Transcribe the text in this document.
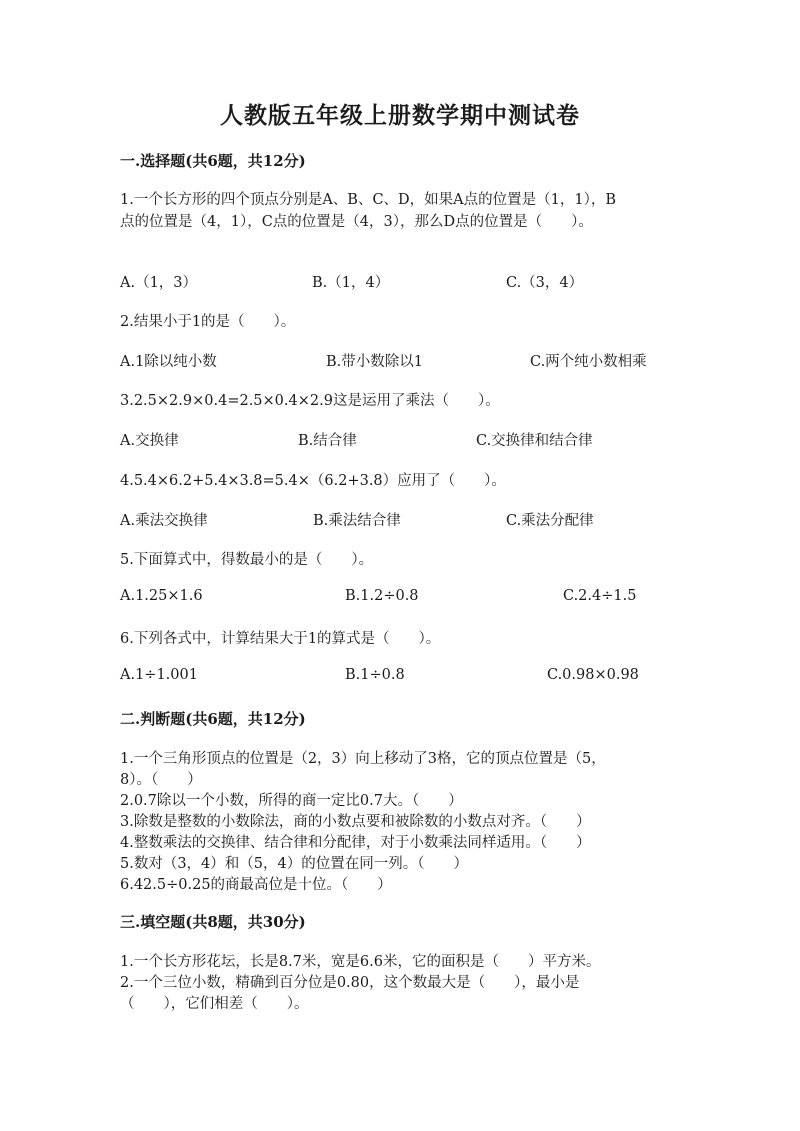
人教版五年级上册数学期中测试卷
一.选择题(共6题，共12分)
1.一个长方形的四个顶点分别是A、B、C、D，如果A点的位置是（1，1），B
点的位置是（4，1），C点的位置是（4，3），那么D点的位置是（　　）。
A.（1，3）	B.（1，4）	C.（3，4）
2.结果小于1的是（　　）。
A.1除以纯小数	B.带小数除以1	C.两个纯小数相乘
3.2.5×2.9×0.4=2.5×0.4×2.9这是运用了乘法（　　）。
A.交换律	B.结合律	C.交换律和结合律
4.5.4×6.2+5.4×3.8=5.4×（6.2+3.8）应用了（　　）。
A.乘法交换律	B.乘法结合律	C.乘法分配律
5.下面算式中，得数最小的是（　　）。
A.1.25×1.6	B.1.2÷0.8	C.2.4÷1.5
6.下列各式中，计算结果大于1的算式是（　　）。
A.1÷1.001	B.1÷0.8	C.0.98×0.98
二.判断题(共6题，共12分)
1.一个三角形顶点的位置是（2，3）向上移动了3格，它的顶点位置是（5，
8）。（　　）
2.0.7除以一个小数，所得的商一定比0.7大。（　　）
3.除数是整数的小数除法，商的小数点要和被除数的小数点对齐。（　　）
4.整数乘法的交换律、结合律和分配律，对于小数乘法同样适用。（　　）
5.数对（3，4）和（5，4）的位置在同一列。（　　）
6.42.5÷0.25的商最高位是十位。（　　）
三.填空题(共8题，共30分)
1.一个长方形花坛，长是8.7米，宽是6.6米，它的面积是（　　）平方米。
2.一个三位小数，精确到百分位是0.80，这个数最大是（　　），最小是
（　　），它们相差（　　）。
